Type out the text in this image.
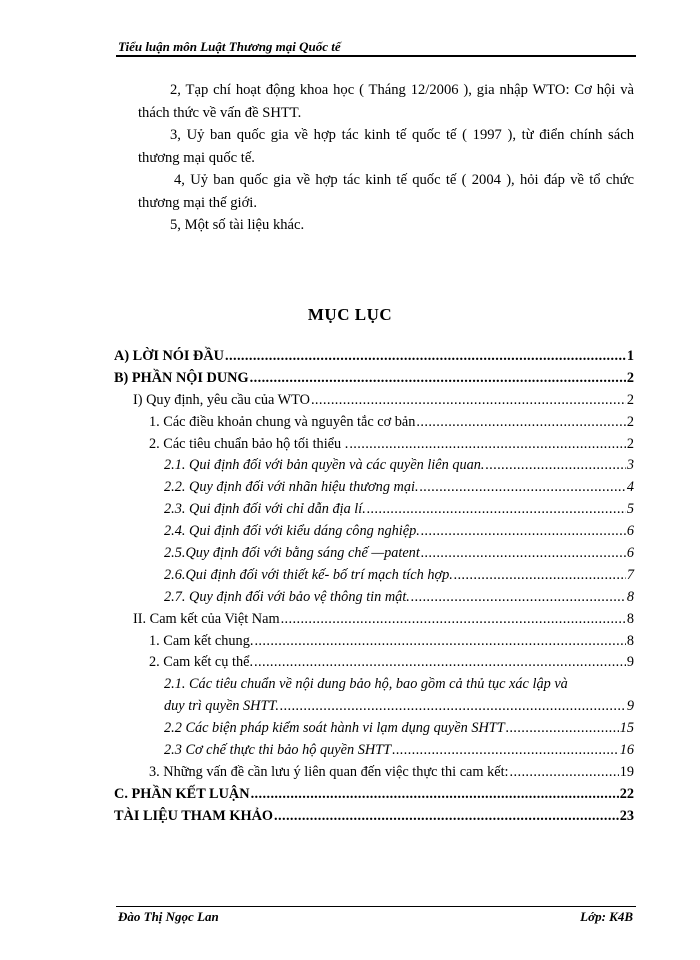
Tiểu luận môn Luật Thương mại Quốc tế

2, Tạp chí hoạt động khoa học ( Tháng 12/2006 ), gia nhập WTO: Cơ hội và thách thức về vấn đề SHTT.

3, Uỷ ban quốc gia về hợp tác kinh tế quốc tế ( 1997 ), từ điển chính sách thương mại quốc tế.

4, Uỷ ban quốc gia về hợp tác kinh tế quốc tế ( 2004 ), hỏi đáp về tổ chức thương mại thế giới.

5, Một số tài liệu khác.

MỤC LỤC
A) LỜI NÓI ĐẦU .....	1
B) PHẦN NỘI DUNG .....	2
I) Quy định, yêu cầu của WTO .....	2
1. Các điều khoản chung và nguyên tắc cơ bản .....	2
2. Các tiêu chuẩn bảo hộ tối thiểu . .....	2
2.1. Qui định đối với bản quyền và các quyền liên quan. .....	3
2.2. Quy định đối với nhãn hiệu thương mại. .....	4
2.3. Qui định đối với chỉ dẫn địa lí. .....	5
2.4. Qui định đối với kiểu dáng công nghiệp. .....	6
2.5.Quy định đối với bằng sáng chế —patent .....	6
2.6.Qui định đối với thiết kế- bố trí mạch tích hợp. .....	7
2.7. Quy định đối với bảo vệ thông tin mật. .....	8
II. Cam kết của Việt Nam .....	8
1. Cam kết chung. .....	8
2. Cam kết cụ thể. .....	9
2.1. Các tiêu chuẩn về nội dung bảo hộ, bao gồm cả thủ tục xác lập và
duy trì quyền SHTT. .....	9
2.2 Các biện pháp kiểm soát hành vi lạm dụng quyền SHTT .....	15
2.3 Cơ chế thực thi bảo hộ quyền SHTT .....	16
3. Những vấn đề cần lưu ý liên quan đến việc thực thi cam kết: .....	19
C. PHẦN KẾT LUẬN .....	22
TÀI LIỆU THAM KHẢO .....	23
Đào Thị Ngọc Lan	Lớp: K4B
